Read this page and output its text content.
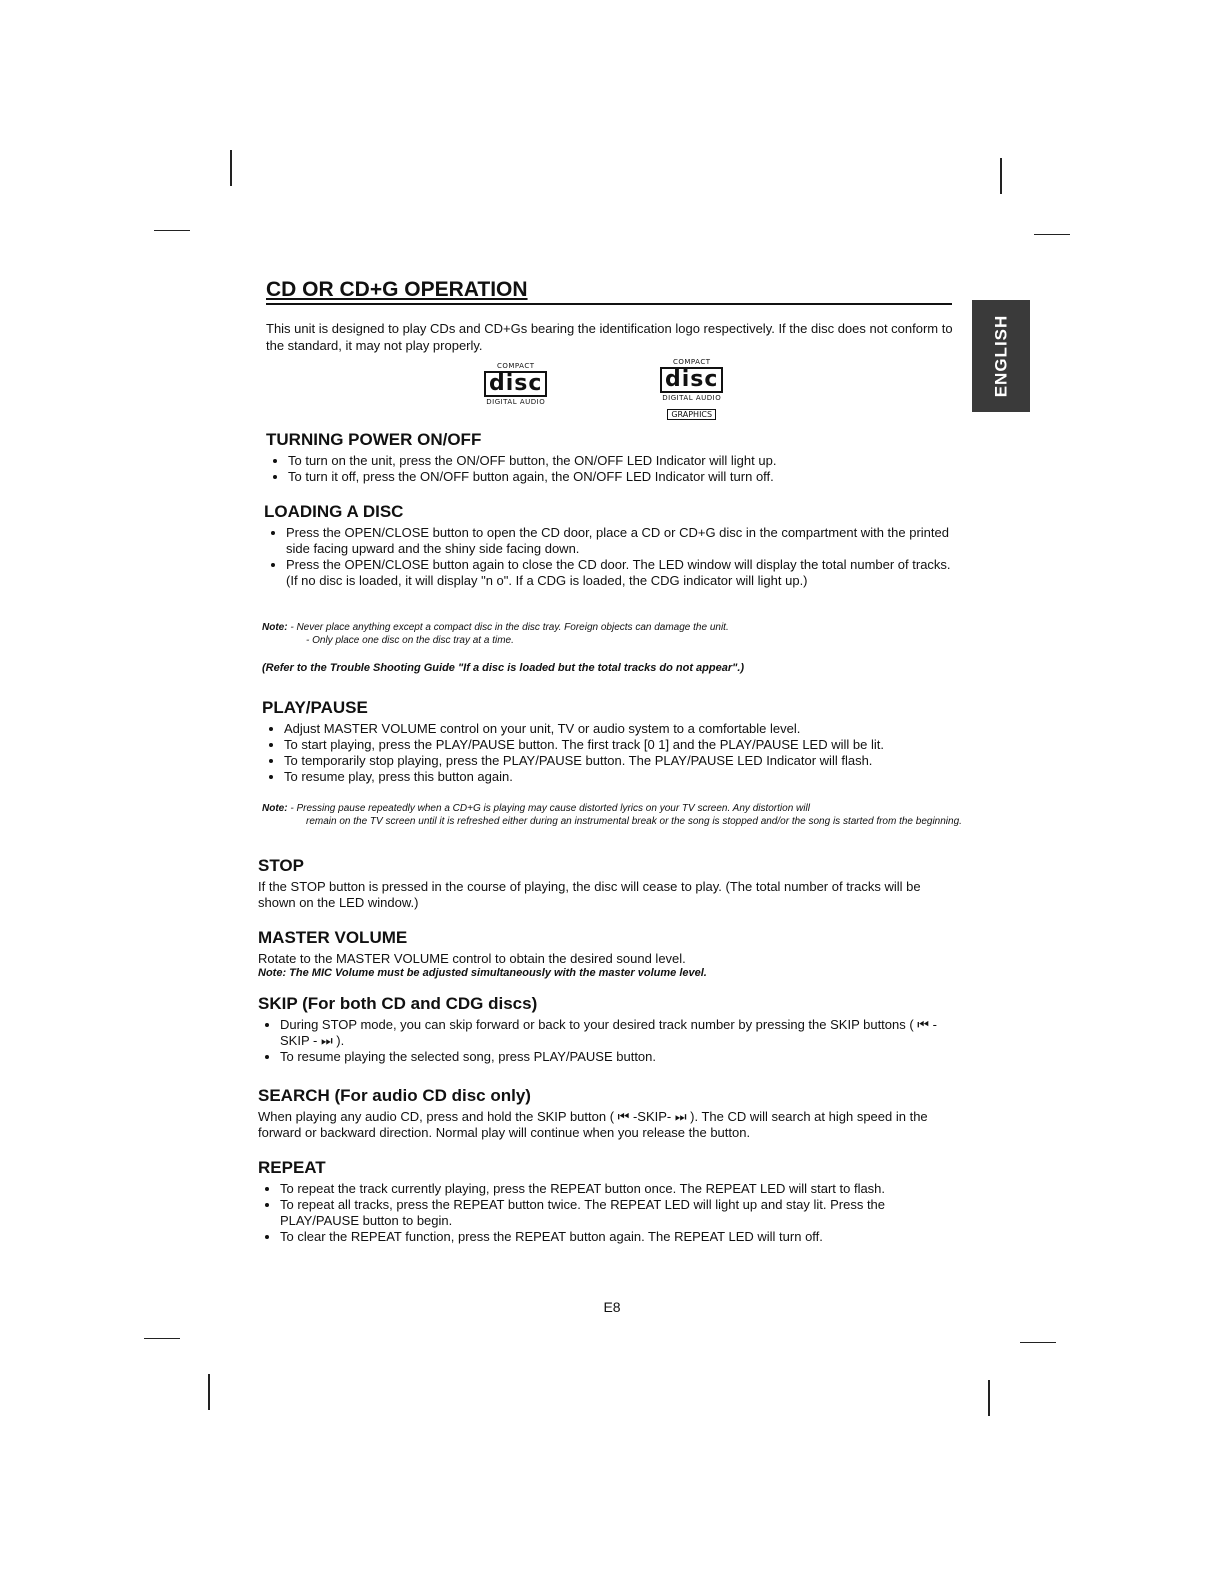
ENGLISH
CD OR CD+G OPERATION

This unit is designed to play CDs and CD+Gs bearing the identification logo respectively. If the disc does not conform to the standard, it may not play properly.

COMPACT
disc
DIGITAL AUDIO
COMPACT
disc
DIGITAL AUDIO
GRAPHICS
TURNING POWER ON/OFF
• To turn on the unit, press the ON/OFF button, the ON/OFF LED Indicator will light up.
• To turn it off, press the ON/OFF button again, the ON/OFF LED Indicator will turn off.
LOADING A DISC
• Press the OPEN/CLOSE button to open the CD door, place a CD or CD+G disc in the compartment with the printed side facing upward and the shiny side facing down.
• Press the OPEN/CLOSE button again to close the CD door. The LED window will display the total number of tracks. (If no disc is loaded, it will display "n o". If a CDG is loaded, the CDG indicator will light up.)

Note: - Never place anything except a compact disc in the disc tray. Foreign objects can damage the unit.

- Only place one disc on the disc tray at a time.

(Refer to the Trouble Shooting Guide "If a disc is loaded but the total tracks do not appear".)

PLAY/PAUSE
• Adjust MASTER VOLUME control on your unit, TV or audio system to a comfortable level.
• To start playing, press the PLAY/PAUSE button. The first track [0 1] and the PLAY/PAUSE LED will be lit.
• To temporarily stop playing, press the PLAY/PAUSE button. The PLAY/PAUSE LED Indicator will flash.
• To resume play, press this button again.

Note: - Pressing pause repeatedly when a CD+G is playing may cause distorted lyrics on your TV screen. Any distortion will

remain on the TV screen until it is refreshed either during an instrumental break or the song is stopped and/or the song is started from the beginning.

STOP

If the STOP button is pressed in the course of playing, the disc will cease to play. (The total number of tracks will be shown on the LED window.)

MASTER VOLUME

Rotate to the MASTER VOLUME control to obtain the desired sound level.

Note: The MIC Volume must be adjusted simultaneously with the master volume level.

SKIP (For both CD and CDG discs)
• During STOP mode, you can skip forward or back to your desired track number by pressing the SKIP buttons ( ⏮ - SKIP - ⏭ ).
• To resume playing the selected song, press PLAY/PAUSE button.
SEARCH (For audio CD disc only)

When playing any audio CD, press and hold the SKIP button ( ⏮ -SKIP- ⏭ ). The CD will search at high speed in the forward or backward direction. Normal play will continue when you release the button.

REPEAT
• To repeat the track currently playing, press the REPEAT button once. The REPEAT LED will start to flash.
• To repeat all tracks, press the REPEAT button twice. The REPEAT LED will light up and stay lit. Press the PLAY/PAUSE button to begin.
• To clear the REPEAT function, press the REPEAT button again. The REPEAT LED will turn off.
E8
